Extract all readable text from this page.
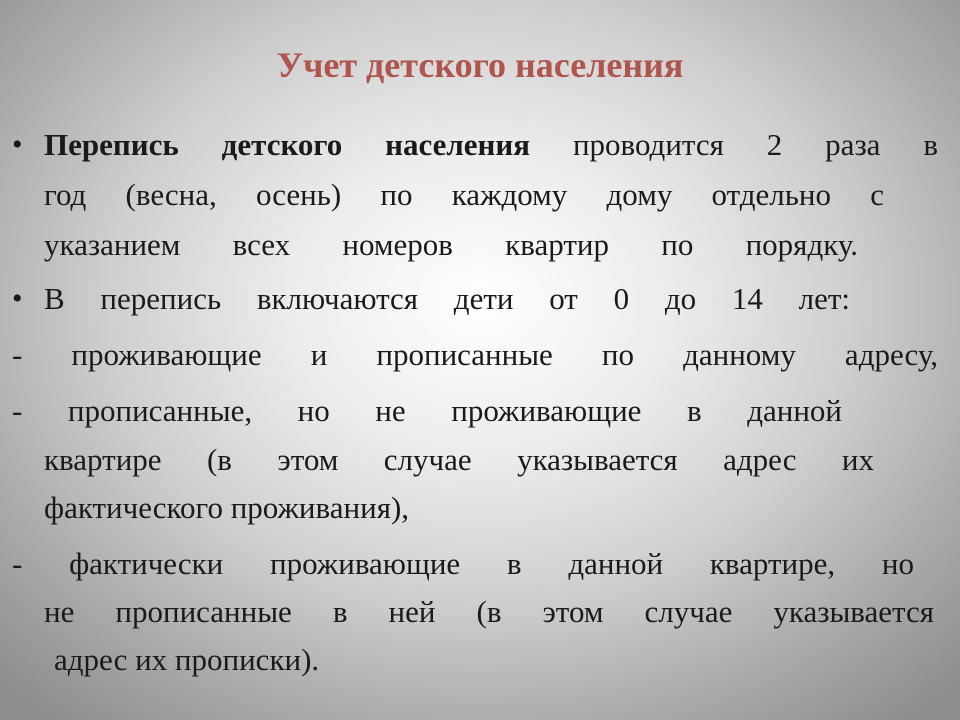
Учет детского населения
• Перепись детского населения проводится 2 раза в
год (весна, осень) по каждому дому отдельно с
указанием всех номеров квартир по порядку.
• В перепись включаются дети от 0 до 14 лет:
- проживающие и прописанные по данному адресу,
- прописанные, но не проживающие в данной
квартире (в этом случае указывается адрес их
фактического проживания),
- фактически проживающие в данной квартире, но
не прописанные в ней (в этом случае указывается
адрес их прописки).
